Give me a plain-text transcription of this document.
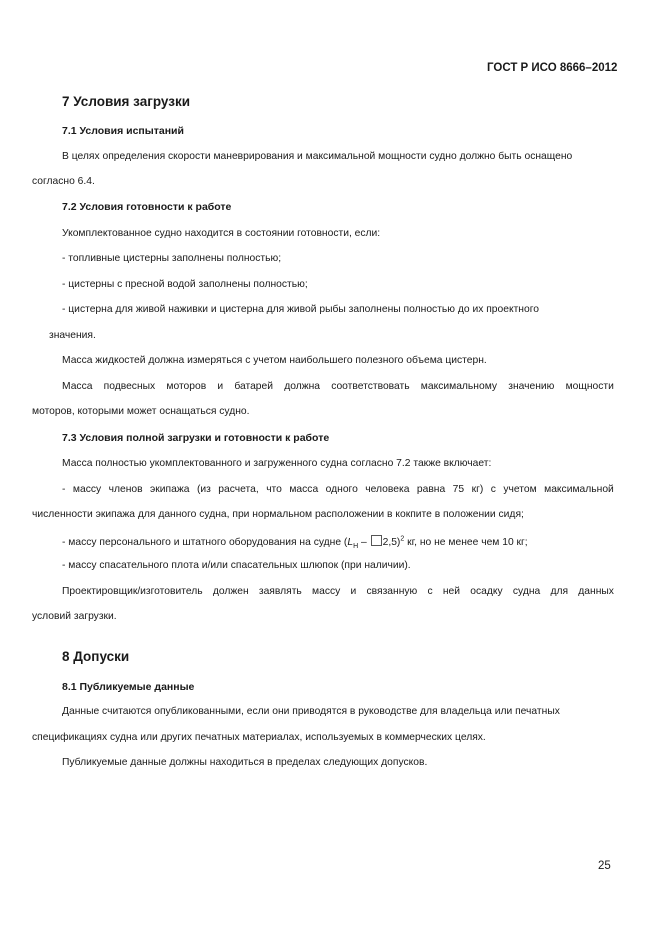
ГОСТ Р ИСО 8666–2012
7 Условия загрузки
7.1 Условия испытаний
В целях определения скорости маневрирования и максимальной мощности судно должно быть оснащено
согласно 6.4.
7.2 Условия готовности к работе
Укомплектованное судно находится в состоянии готовности, если:
- топливные цистерны заполнены полностью;
- цистерны с пресной водой заполнены полностью;
- цистерна для живой наживки и цистерна для живой рыбы заполнены полностью до их проектного
значения.
Масса жидкостей должна измеряться с учетом наибольшего полезного объема цистерн.
Масса подвесных моторов и батарей должна соответствовать максимальному значению мощности
моторов, которыми может оснащаться судно.
7.3 Условия полной загрузки и готовности к работе
Масса полностью укомплектованного и загруженного судна согласно 7.2 также включает:
- массу членов экипажа (из расчета, что масса одного человека равна 75 кг) с учетом максимальной
численности экипажа для данного судна, при нормальном расположении в кокпите в положении сидя;
- массу персонального и штатного оборудования на судне $(L_H - 2,5)^2$ кг, но не менее чем 10 кг;
- массу спасательного плота и/или спасательных шлюпок (при наличии).
Проектировщик/изготовитель должен заявлять массу и связанную с ней осадку судна для данных
условий загрузки.
8 Допуски
8.1 Публикуемые данные
Данные считаются опубликованными, если они приводятся в руководстве для владельца или печатных
спецификациях судна или других печатных материалах, используемых в коммерческих целях.
Публикуемые данные должны находиться в пределах следующих допусков.
25
